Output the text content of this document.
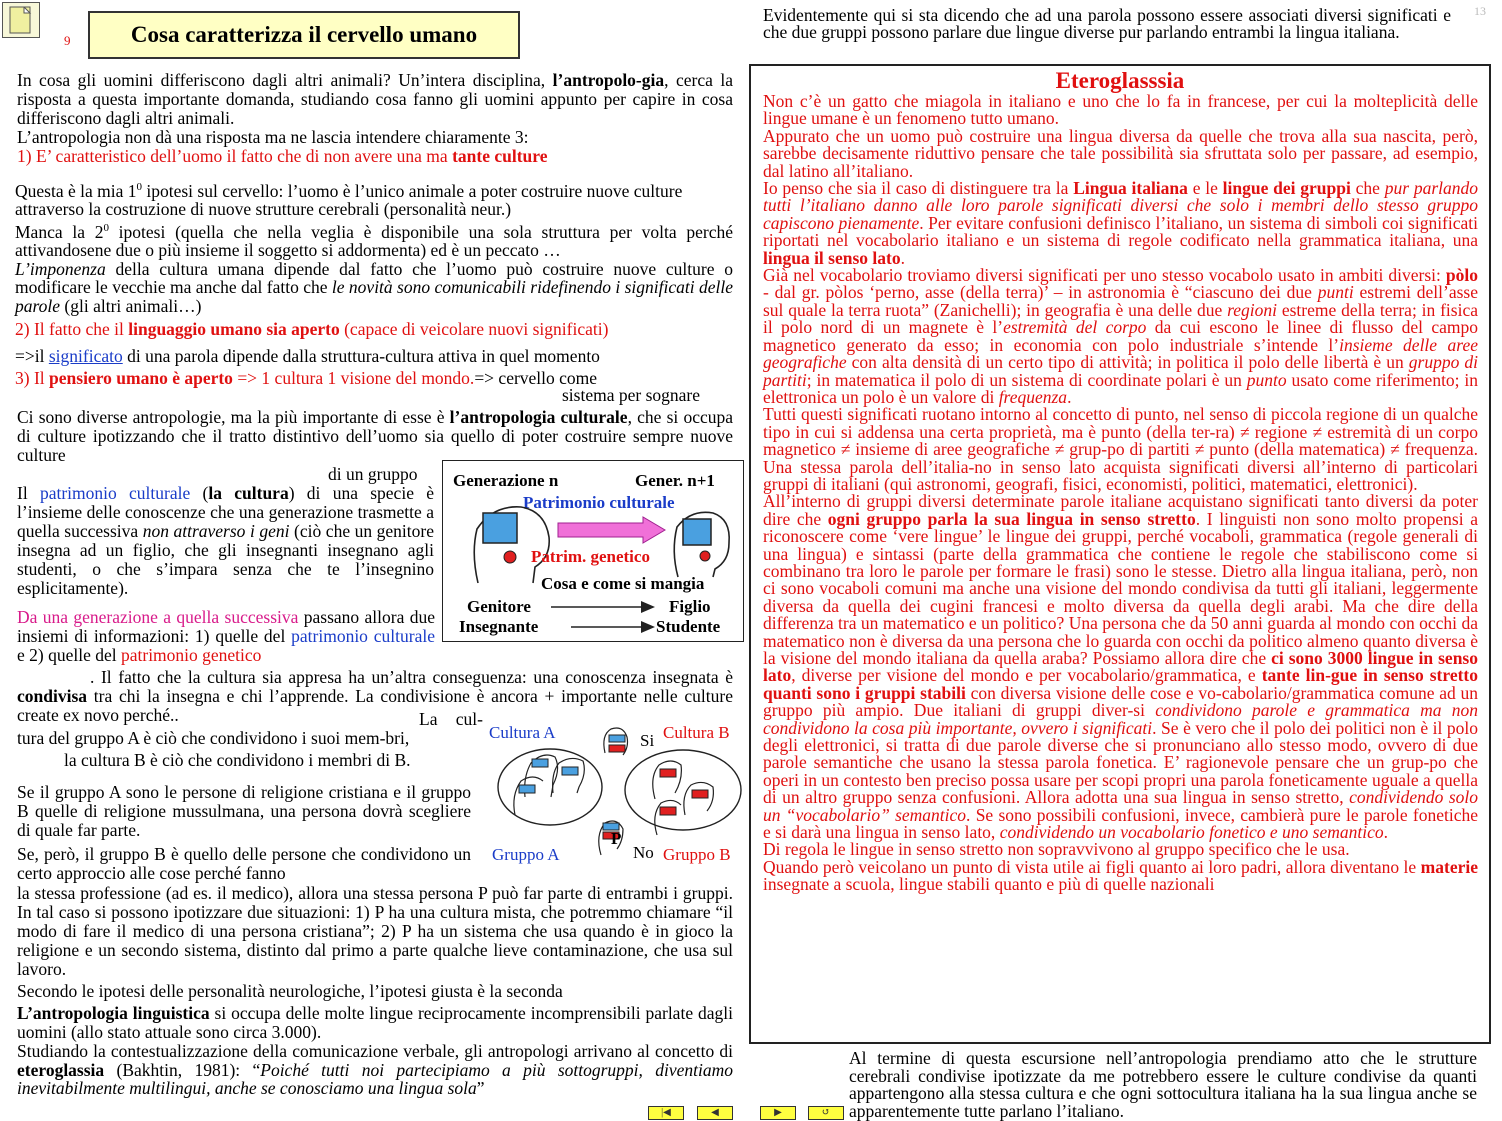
9	Cosa caratterizza il cervello umano
13
Evidentemente qui si sta dicendo che ad una parola possono essere associati diversi significati e che due gruppi possono parlare due lingue diverse pur parlando entrambi la lingua italiana.

In cosa gli uomini differiscono dagli altri animali? Un’intera disciplina, l’antropolo-gia, cerca la risposta a questa importante domanda, studiando cosa fanno gli uomini appunto per capire in cosa differiscono dagli altri animali.

L’antropologia non dà una risposta ma ne lascia intendere chiaramente 3:

1) E’ caratteristico dell’uomo il fatto che di non avere una ma tante culture

Questa è la mia $1^0$ ipotesi sul cervello: l’uomo è l’unico animale a poter costruire nuove culture attraverso la costruzione di nuove strutture cerebrali (personalità neur.)

Manca la $2^0$ ipotesi (quella che nella veglia è disponibile una sola struttura per volta perché attivandosene due o più insieme il soggetto si addormenta) ed è un peccato …

L’imponenza della cultura umana dipende dal fatto che l’uomo può costruire nuove culture o modificare le vecchie ma anche dal fatto che le novità sono comunicabili ridefinendo i significati delle parole (gli altri animali…)

2) Il fatto che il linguaggio umano sia aperto (capace di veicolare nuovi significati)
=>il significato di una parola dipende dalla struttura-cultura attiva in quel momento
3) Il pensiero umano è aperto => 1 cultura 1 visione del mondo.=> cervello come
sistema per sognare
Ci sono diverse antropologie, ma la più importante di esse è l’antropologia culturale, che si occupa di culture ipotizzando che il tratto distintivo dell’uomo sia quello di poter costruire sempre nuove culture
di un gruppo
Il patrimonio culturale (la cultura) di una specie è l’insieme delle conoscenze che una generazione trasmette a quella successiva non attraverso i geni (ciò che un genitore insegna ad un figlio, che gli insegnanti insegnano agli studenti, o che s’impara senza che te l’insegnino esplicitamente).
Da una generazione a quella successiva passano allora due insiemi di informazioni: 1) quelle del patrimonio culturale e 2) quelle del patrimonio genetico
. Il fatto che la cultura sia appresa ha un’altra conseguenza: una conoscenza insegnata è condivisa tra chi la insegna e chi l’apprende. La condivisione è ancora + importante nelle culture create ex novo perché..	La cul-tura del gruppo A è ciò che condividono i suoi mem-bri,
la cultura B è ciò che condividono i membri di B.
Se il gruppo A sono le persone di religione cristiana e il gruppo B quelle di religione mussulmana, una persona dovrà scegliere di quale far parte.
Se, però, il gruppo B è quello delle persone che condividono un certo approccio alle cose perché fanno
la stessa professione (ad es. il medico), allora una stessa persona P può far parte di entrambi i gruppi. In tal caso si possono ipotizzare due situazioni: 1) P ha una cultura mista, che potremmo chiamare “il modo di fare il medico di una persona cristiana”; 2) P ha un sistema che usa quando è in gioco la religione e un secondo sistema, distinto dal primo a parte qualche lieve contaminazione, che usa sul lavoro.
Secondo le ipotesi delle personalità neurologiche, l’ipotesi giusta è la seconda
L’antropologia linguistica si occupa delle molte lingue reciprocamente incomprensibili parlate dagli uomini (allo stato attuale sono circa 3.000).
Studiando la contestualizzazione della comunicazione verbale, gli antropologi arrivano al concetto di eteroglassia (Bakhtin, 1981): “Poiché tutti noi partecipiamo a più sottogruppi, diventiamo inevitabilmente multilingui, anche se conosciamo una lingua sola”
Generazione n	Gener. n+1
Patrimonio culturale
Patrim. genetico
Cosa e come si mangia
Genitore	Figlio
Insegnante	Studente
Cultura A	Cultura B
Si
P
No
Gruppo A	Gruppo B
Eteroglasssia

Non c’è un gatto che miagola in italiano e uno che lo fa in francese, per cui la molteplicità delle lingue umane è un fenomeno tutto umano.

Appurato che un uomo può costruire una lingua diversa da quelle che trova alla sua nascita, però, sarebbe decisamente riduttivo pensare che tale possibilità sia sfruttata solo per passare, ad esempio, dal latino all’italiano.

Io penso che sia il caso di distinguere tra la Lingua italiana e le lingue dei gruppi che pur parlando tutti l’italiano danno alle loro parole significati diversi che solo i membri dello stesso gruppo capiscono pienamente. Per evitare confusioni definisco l’italiano, un sistema di simboli coi significati riportati nel vocabolario italiano e un sistema di regole codificato nella grammatica italiana, una lingua il senso lato.

Già nel vocabolario troviamo diversi significati per uno stesso vocabolo usato in ambiti diversi: pòlo - dal gr. pòlos ‘perno, asse (della terra)’ – in astronomia è “ciascuno dei due punti estremi dell’asse sul quale la terra ruota” (Zanichelli); in geografia è una delle due regioni estreme della terra; in fisica il polo nord di un magnete è l’estremità del corpo da cui escono le linee di flusso del campo magnetico generato da esso; in economia con polo industriale s’intende l’insieme delle aree geografiche con alta densità di un certo tipo di attività; in politica il polo delle libertà è un gruppo di partiti; in matematica il polo di un sistema di coordinate polari è un punto usato come riferimento; in elettronica un polo è un valore di frequenza.

Tutti questi significati ruotano intorno al concetto di punto, nel senso di piccola regione di un qualche tipo in cui si addensa una certa proprietà, ma è punto (della ter-ra) ≠ regione ≠ estremità di un corpo magnetico ≠ insieme di aree geografiche ≠ grup-po di partiti ≠ punto (della matematica) ≠ frequenza. Una stessa parola dell’italia-no in senso lato acquista significati diversi all’interno di particolari gruppi di italiani (qui astronomi, geografi, fisici, economisti, politici, matematici, elettronici).

All’interno di gruppi diversi determinate parole italiane acquistano significati tanto diversi da poter dire che ogni gruppo parla la sua lingua in senso stretto. I linguisti non sono molto propensi a riconoscere come ‘vere lingue’ le lingue dei gruppi, perché vocaboli, grammatica (regole generali di una lingua) e sintassi (parte della grammatica che contiene le regole che stabiliscono come si combinano tra loro le parole per formare le frasi) sono le stesse. Dietro alla lingua italiana, però, non ci sono vocaboli comuni ma anche una visione del mondo condivisa da tutti gli italiani, leggermente diversa da quella dei cugini francesi e molto diversa da quella degli arabi. Ma che dire della differenza tra un matematico e un politico? Una persona che da 50 anni guarda al mondo con occhi da matematico non è diversa da una persona che lo guarda con occhi da politico almeno quanto diversa è la visione del mondo italiana da quella araba? Possiamo allora dire che ci sono 3000 lingue in senso lato, diverse per visione del mondo e per vocabolario/grammatica, e tante lin-gue in senso stretto quanti sono i gruppi stabili con diversa visione delle cose e vo-cabolario/grammatica comune ad un gruppo più ampio. Due italiani di gruppi diver-si condividono parole e grammatica ma non condividono la cosa più importante, ovvero i significati. Se è vero che il polo dei politici non è il polo degli elettronici, si tratta di due parole diverse che si pronunciano allo stesso modo, ovvero di due parole semantiche che usano la stessa parola fonetica. E’ ragionevole pensare che un grup-po che operi in un contesto ben preciso possa usare per scopi propri una parola foneticamente uguale a quella di un altro gruppo senza confusioni. Allora adotta una sua lingua in senso stretto, condividendo solo un “vocabolario” semantico. Se sono possibili confusioni, invece, cambierà pure le parole fonetiche e si darà una lingua in senso lato, condividendo un vocabolario fonetico e uno semantico.

Di regola le lingue in senso stretto non sopravvivono al gruppo specifico che le usa.

Quando però veicolano un punto di vista utile ai figli quanto ai loro padri, allora diventano le materie insegnate a scuola, lingue stabili quanto e più di quelle nazionali

Al termine di questa escursione nell’antropologia prendiamo atto che le strutture cerebrali condivise ipotizzate da me potrebbero essere le culture condivise da quanti appartengono alla stessa cultura e che ogni sottocultura italiana ha la sua lingua anche se apparentemente tutte parlano l’italiano.
|◀	◀	▶	↺
